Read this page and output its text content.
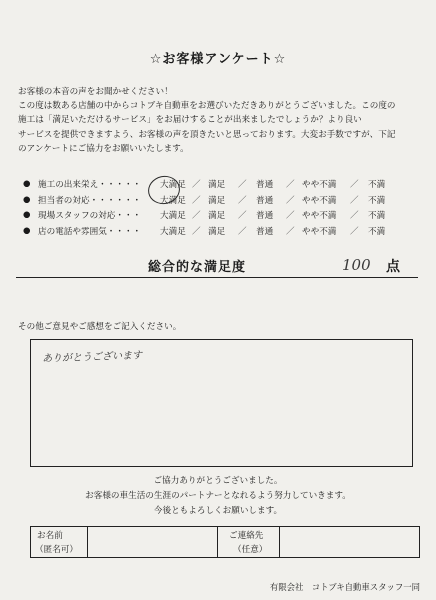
☆お客様アンケート☆
お客様の本音の声をお聞かせください！
この度は数ある店舗の中からコトブキ自動車をお選びいただきありがとうございました。この度の
施工は「満足いただけるサービス」をお届けすることが出来ましたでしょうか？より良い
サービスを提供できますよう、お客様の声を頂きたいと思っております。大変お手数ですが、下記
のアンケートにご協力をお願いいたします。
● 施工の出来栄え・・・・・ 大満足 ／ 満足 ／ 普通 ／ やや不満 ／ 不満
● 担当者の対応・・・・・・ 大満足 ／ 満足 ／ 普通 ／ やや不満 ／ 不満
● 現場スタッフの対応・・・ 大満足 ／ 満足 ／ 普通 ／ やや不満 ／ 不満
● 店の電話や雰囲気・・・・ 大満足 ／ 満足 ／ 普通 ／ やや不満 ／ 不満
総合的な満足度	100 点
その他ご意見やご感想をご記入ください。
ありがとうございます
ご協力ありがとうございました。
お客様の車生活の生涯のパートナーとなれるよう努力していきます。
今後ともよろしくお願いします。
お名前
（匿名可）
ご連絡先
（任意）
有限会社　コトブキ自動車スタッフ一同
